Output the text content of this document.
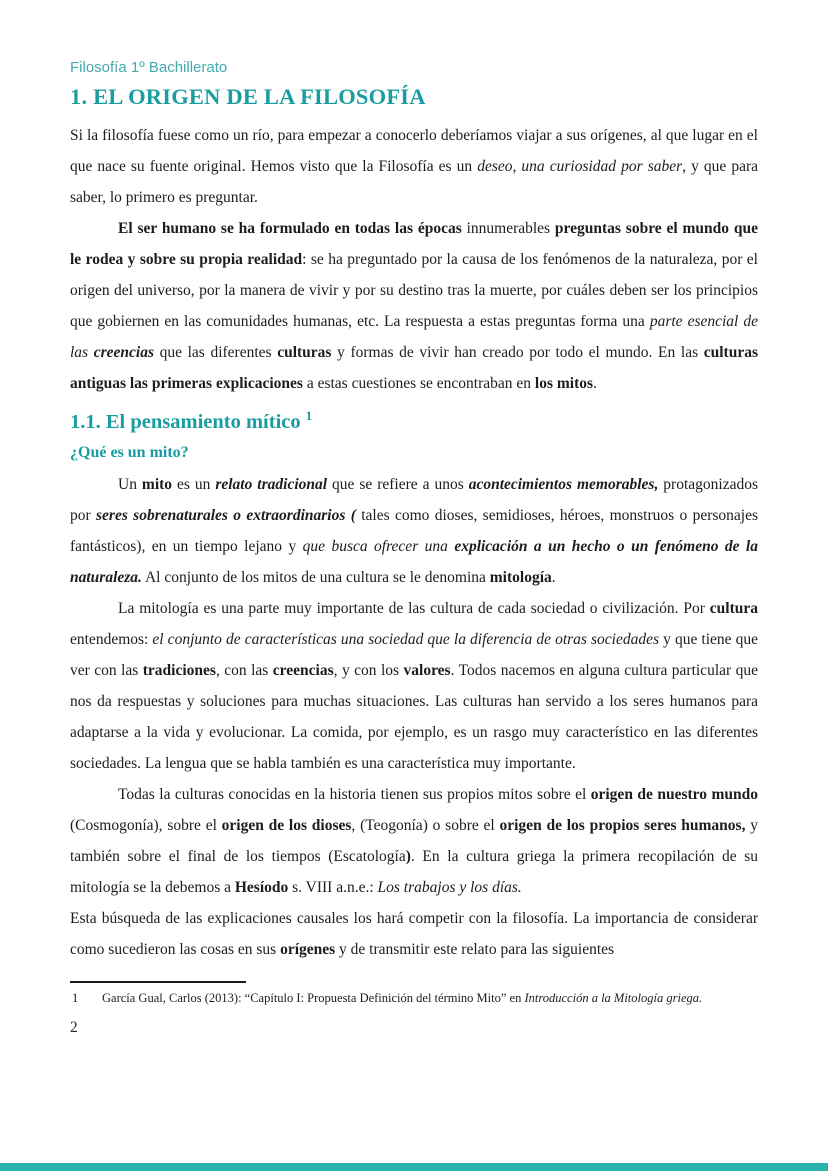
Filosofía 1º Bachillerato
1. EL ORIGEN DE LA FILOSOFÍA

Si la filosofía fuese como un río, para empezar a conocerlo deberíamos viajar a sus orígenes, al que lugar en el que nace su fuente original. Hemos visto que la Filosofía es un deseo, una curiosidad por saber, y que para saber, lo primero es preguntar.

El ser humano se ha formulado en todas las épocas innumerables preguntas sobre el mundo que le rodea y sobre su propia realidad: se ha preguntado por la causa de los fenómenos de la naturaleza, por el origen del universo, por la manera de vivir y por su destino tras la muerte, por cuáles deben ser los principios que gobiernen en las comunidades humanas, etc. La respuesta a estas preguntas forma una parte esencial de las creencias que las diferentes culturas y formas de vivir han creado por todo el mundo. En las culturas antiguas las primeras explicaciones a estas cuestiones se encontraban en los mitos.

1.1. El pensamiento mítico $^1$
¿Qué es un mito?

Un mito es un relato tradicional que se refiere a unos acontecimientos memorables, protagonizados por seres sobrenaturales o extraordinarios ( tales como dioses, semidioses, héroes, monstruos o personajes fantásticos), en un tiempo lejano y que busca ofrecer una explicación a un hecho o un fenómeno de la naturaleza. Al conjunto de los mitos de una cultura se le denomina mitología.

La mitología es una parte muy importante de las cultura de cada sociedad o civilización. Por cultura entendemos: el conjunto de características una sociedad que la diferencia de otras sociedades y que tiene que ver con las tradiciones, con las creencias, y con los valores. Todos nacemos en alguna cultura particular que nos da respuestas y soluciones para muchas situaciones. Las culturas han servido a los seres humanos para adaptarse a la vida y evolucionar. La comida, por ejemplo, es un rasgo muy característico en las diferentes sociedades. La lengua que se habla también es una característica muy importante.

Todas la culturas conocidas en la historia tienen sus propios mitos sobre el origen de nuestro mundo (Cosmogonía), sobre el origen de los dioses, (Teogonía) o sobre el origen de los propios seres humanos, y también sobre el final de los tiempos (Escatología). En la cultura griega la primera recopilación de su mitología se la debemos a Hesíodo s. VIII a.n.e.: Los trabajos y los días.

Esta búsqueda de las explicaciones causales los hará competir con la filosofía. La importancia de considerar como sucedieron las cosas en sus orígenes y de transmitir este relato para las siguientes

1 García Gual, Carlos (2013): “Capítulo I: Propuesta Definición del término Mito” en Introducción a la Mitología griega.
2
